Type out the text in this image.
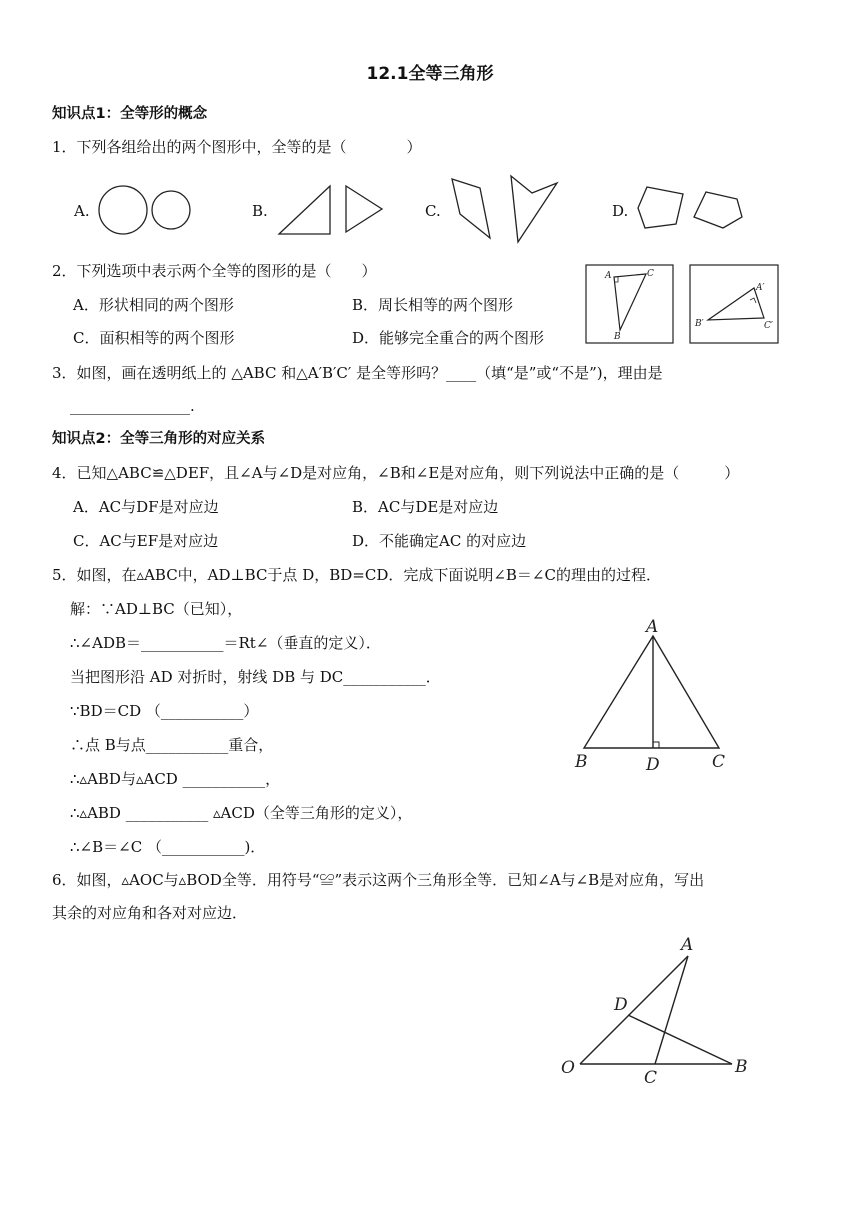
12.1全等三角形
知识点1：全等形的概念
1．下列各组给出的两个图形中，全等的是（　　　　）
A.	B.	C.	D.
2．下列选项中表示两个全等的图形的是（　　）
A．形状相同的两个图形	B．周长相等的两个图形
C．面积相等的两个图形	D．能够完全重合的两个图形
A	C
B
A′
B′	C′
3．如图，画在透明纸上的 △ABC 和△A′B′C′ 是全等形吗？____（填“是”或“不是”)，理由是
________________.
知识点2：全等三角形的对应关系
4．已知△ABC≌△DEF，且∠A与∠D是对应角，∠B和∠E是对应角，则下列说法中正确的是（　　　）
A．AC与DF是对应边	B．AC与DE是对应边
C．AC与EF是对应边	D．不能确定AC 的对应边
5．如图，在▵ABC中，AD⊥BC于点 D，BD=CD．完成下面说明∠B＝∠C的理由的过程．
解：∵AD⊥BC（已知），
∴∠ADB＝___________＝Rt∠（垂直的定义）．
当把图形沿 AD 对折时，射线 DB 与 DC___________．
∵BD＝CD （___________）
∴点 B与点___________重合，
∴▵ABD与▵ACD ___________，
∴▵ABD ___________ ▵ACD（全等三角形的定义），
∴∠B＝∠C （___________)．
A
B	D	C
6．如图，▵AOC与▵BOD全等．用符号“≌”表示这两个三角形全等．已知∠A与∠B是对应角，写出
其余的对应角和各对对应边．
A
D
O	C
B
